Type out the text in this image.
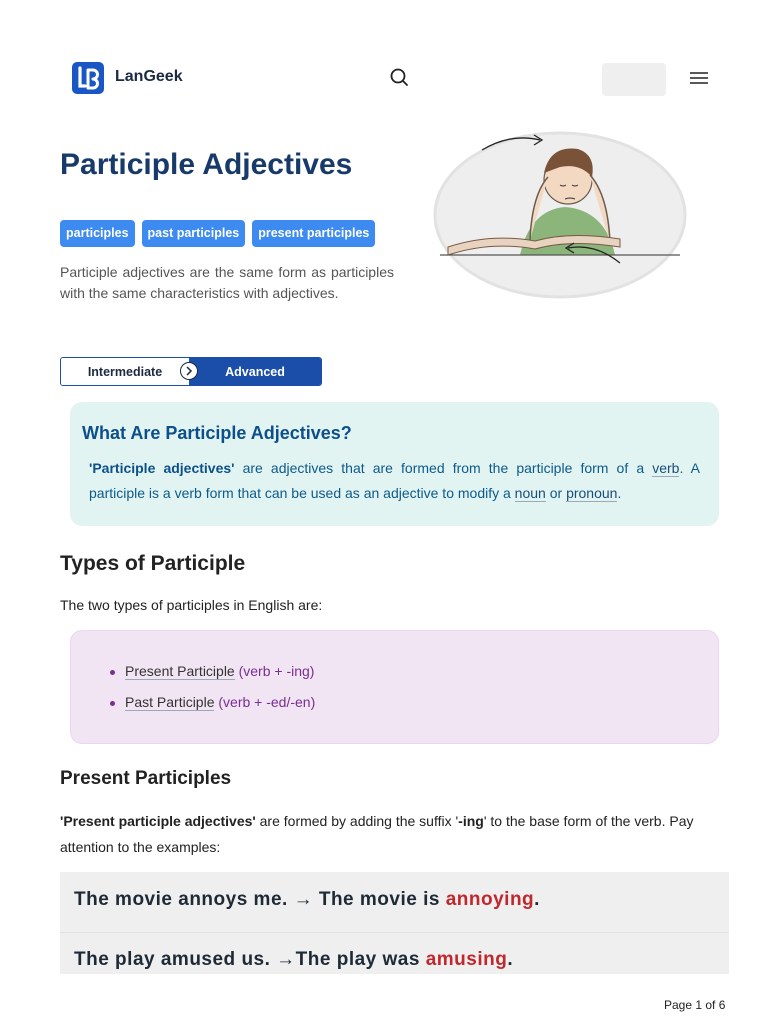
LanGeek
Participle Adjectives
participles	past participles	present participles

Participle adjectives are the same form as participles with the same characteristics with adjectives.

Intermediate	Advanced
What Are Participle Adjectives?

'Participle adjectives' are adjectives that are formed from the participle form of a verb. A participle is a verb form that can be used as an adjective to modify a noun or pronoun.

Types of Participle

The two types of participles in English are:

Present Participle (verb + -ing)
Past Participle (verb + -ed/-en)
Present Participles

'Present participle adjectives' are formed by adding the suffix '-ing' to the base form of the verb. Pay attention to the examples:

The movie annoys me. → The movie is annoying.
The play amused us. →The play was amusing.
Page 1 of 6
